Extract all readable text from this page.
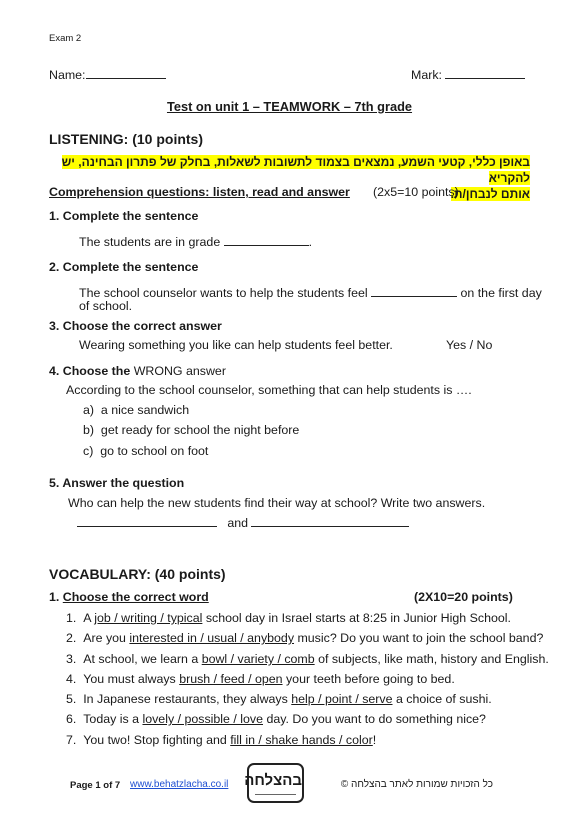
Exam 2
Name:	Mark:
Test on unit 1 – TEAMWORK – 7th grade
LISTENING: (10 points)
באופן כללי, קטעי השמע, נמצאים בצמוד לתשובות לשאלות, בחלק של פתרון הבחינה, יש להקריא
אותם לנבחן/ת.
Comprehension questions: listen, read and answer (2x5=10 points)
1. Complete the sentence
The students are in grade	.
2. Complete the sentence
The school counselor wants to help the students feel	on the first day
of school.
3. Choose the correct answer
Wearing something you like can help students feel better.	Yes / No
4. Choose the WRONG answer
According to the school counselor, something that can help students is ….
a) a nice sandwich
b) get ready for school the night before
c) go to school on foot
5. Answer the question
Who can help the new students find their way at school? Write two answers.
and
VOCABULARY: (40 points)
1. Choose the correct word	(2X10=20 points)
1. A job / writing / typical school day in Israel starts at 8:25 in Junior High School.
2. Are you interested in / usual / anybody music? Do you want to join the school band?
3. At school, we learn a bowl / variety / comb of subjects, like math, history and English.
4. You must always brush / feed / open your teeth before going to bed.
5. In Japanese restaurants, they always help / point / serve a choice of sushi.
6. Today is a lovely / possible / love day. Do you want to do something nice?
7. You two! Stop fighting and fill in / shake hands / color!
Page 1 of 7 www.behatzlacha.co.il בהצלחה	כל הזכויות שמורות לאתר בהצלחה ©
